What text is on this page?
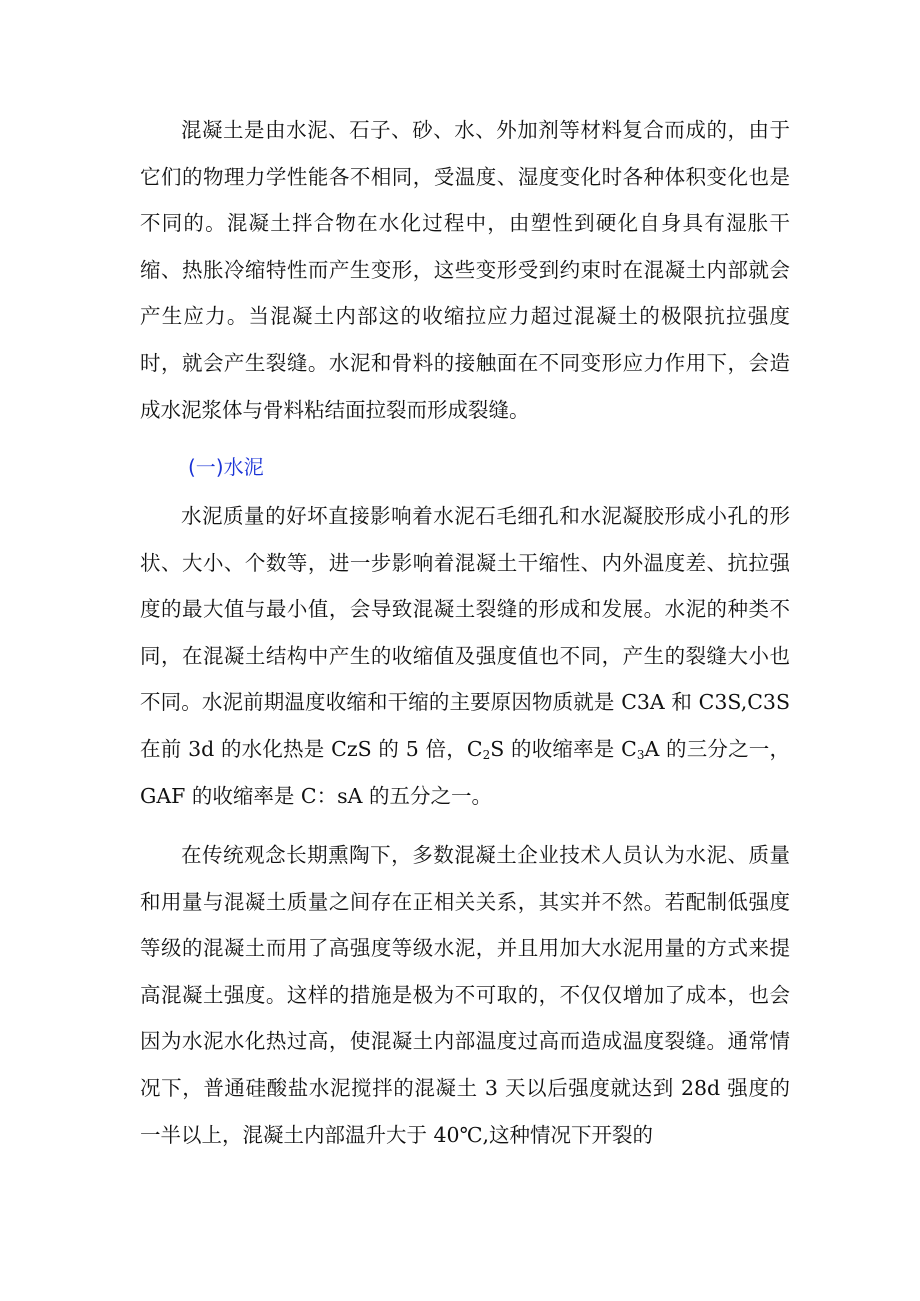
混凝土是由水泥、石子、砂、水、外加剂等材料复合而成的，由于它们的物理力学性能各不相同，受温度、湿度变化时各种体积变化也是不同的。混凝土拌合物在水化过程中，由塑性到硬化自身具有湿胀干缩、热胀冷缩特性而产生变形，这些变形受到约束时在混凝土内部就会产生应力。当混凝土内部这的收缩拉应力超过混凝土的极限抗拉强度时，就会产生裂缝。水泥和骨料的接触面在不同变形应力作用下，会造成水泥浆体与骨料粘结面拉裂而形成裂缝。

(一)水泥

水泥质量的好坏直接影响着水泥石毛细孔和水泥凝胶形成小孔的形状、大小、个数等，进一步影响着混凝土干缩性、内外温度差、抗拉强度的最大值与最小值，会导致混凝土裂缝的形成和发展。水泥的种类不同，在混凝土结构中产生的收缩值及强度值也不同，产生的裂缝大小也不同。水泥前期温度收缩和干缩的主要原因物质就是 C3A 和 C3S,C3S 在前 3d 的水化热是 CzS 的 5 倍，$C_2S$ 的收缩率是 $C_3A$ 的三分之一，GAF 的收缩率是 C：sA 的五分之一。

在传统观念长期熏陶下，多数混凝土企业技术人员认为水泥、质量和用量与混凝土质量之间存在正相关关系，其实并不然。若配制低强度等级的混凝土而用了高强度等级水泥，并且用加大水泥用量的方式来提高混凝土强度。这样的措施是极为不可取的，不仅仅增加了成本，也会因为水泥水化热过高，使混凝土内部温度过高而造成温度裂缝。通常情况下，普通硅酸盐水泥搅拌的混凝土 3 天以后强度就达到 28d 强度的一半以上，混凝土内部温升大于 40℃,这种情况下开裂的
